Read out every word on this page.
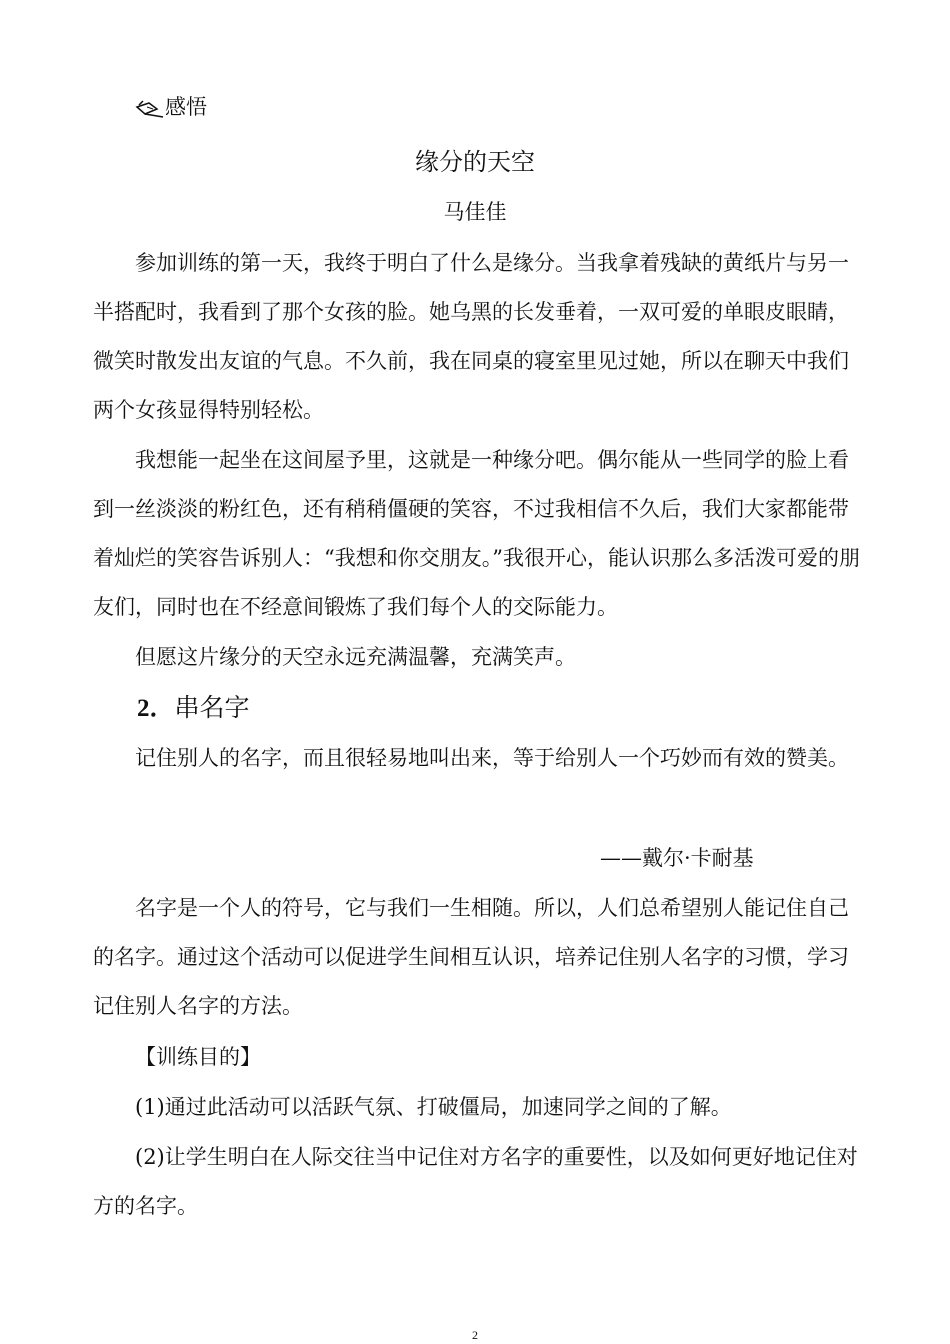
感悟
缘分的天空
马佳佳

参加训练的第一天，我终于明白了什么是缘分。当我拿着残缺的黄纸片与另一半搭配时，我看到了那个女孩的脸。她乌黑的长发垂着，一双可爱的单眼皮眼睛，微笑时散发出友谊的气息。不久前，我在同桌的寝室里见过她，所以在聊天中我们两个女孩显得特别轻松。

我想能一起坐在这间屋予里，这就是一种缘分吧。偶尔能从一些同学的脸上看到一丝淡淡的粉红色，还有稍稍僵硬的笑容，不过我相信不久后，我们大家都能带着灿烂的笑容告诉别人：“我想和你交朋友。”我很开心，能认识那么多活泼可爱的朋友们，同时也在不经意间锻炼了我们每个人的交际能力。

但愿这片缘分的天空永远充满温馨，充满笑声。

2．串名字

记住别人的名字，而且很轻易地叫出来，等于给别人一个巧妙而有效的赞美。

——戴尔·卡耐基

名字是一个人的符号，它与我们一生相随。所以，人们总希望别人能记住自己的名字。通过这个活动可以促进学生间相互认识，培养记住别人名字的习惯，学习记住别人名字的方法。

【训练目的】

(1)通过此活动可以活跃气氛、打破僵局，加速同学之间的了解。

(2)让学生明白在人际交往当中记住对方名字的重要性，以及如何更好地记住对方的名字。

2
